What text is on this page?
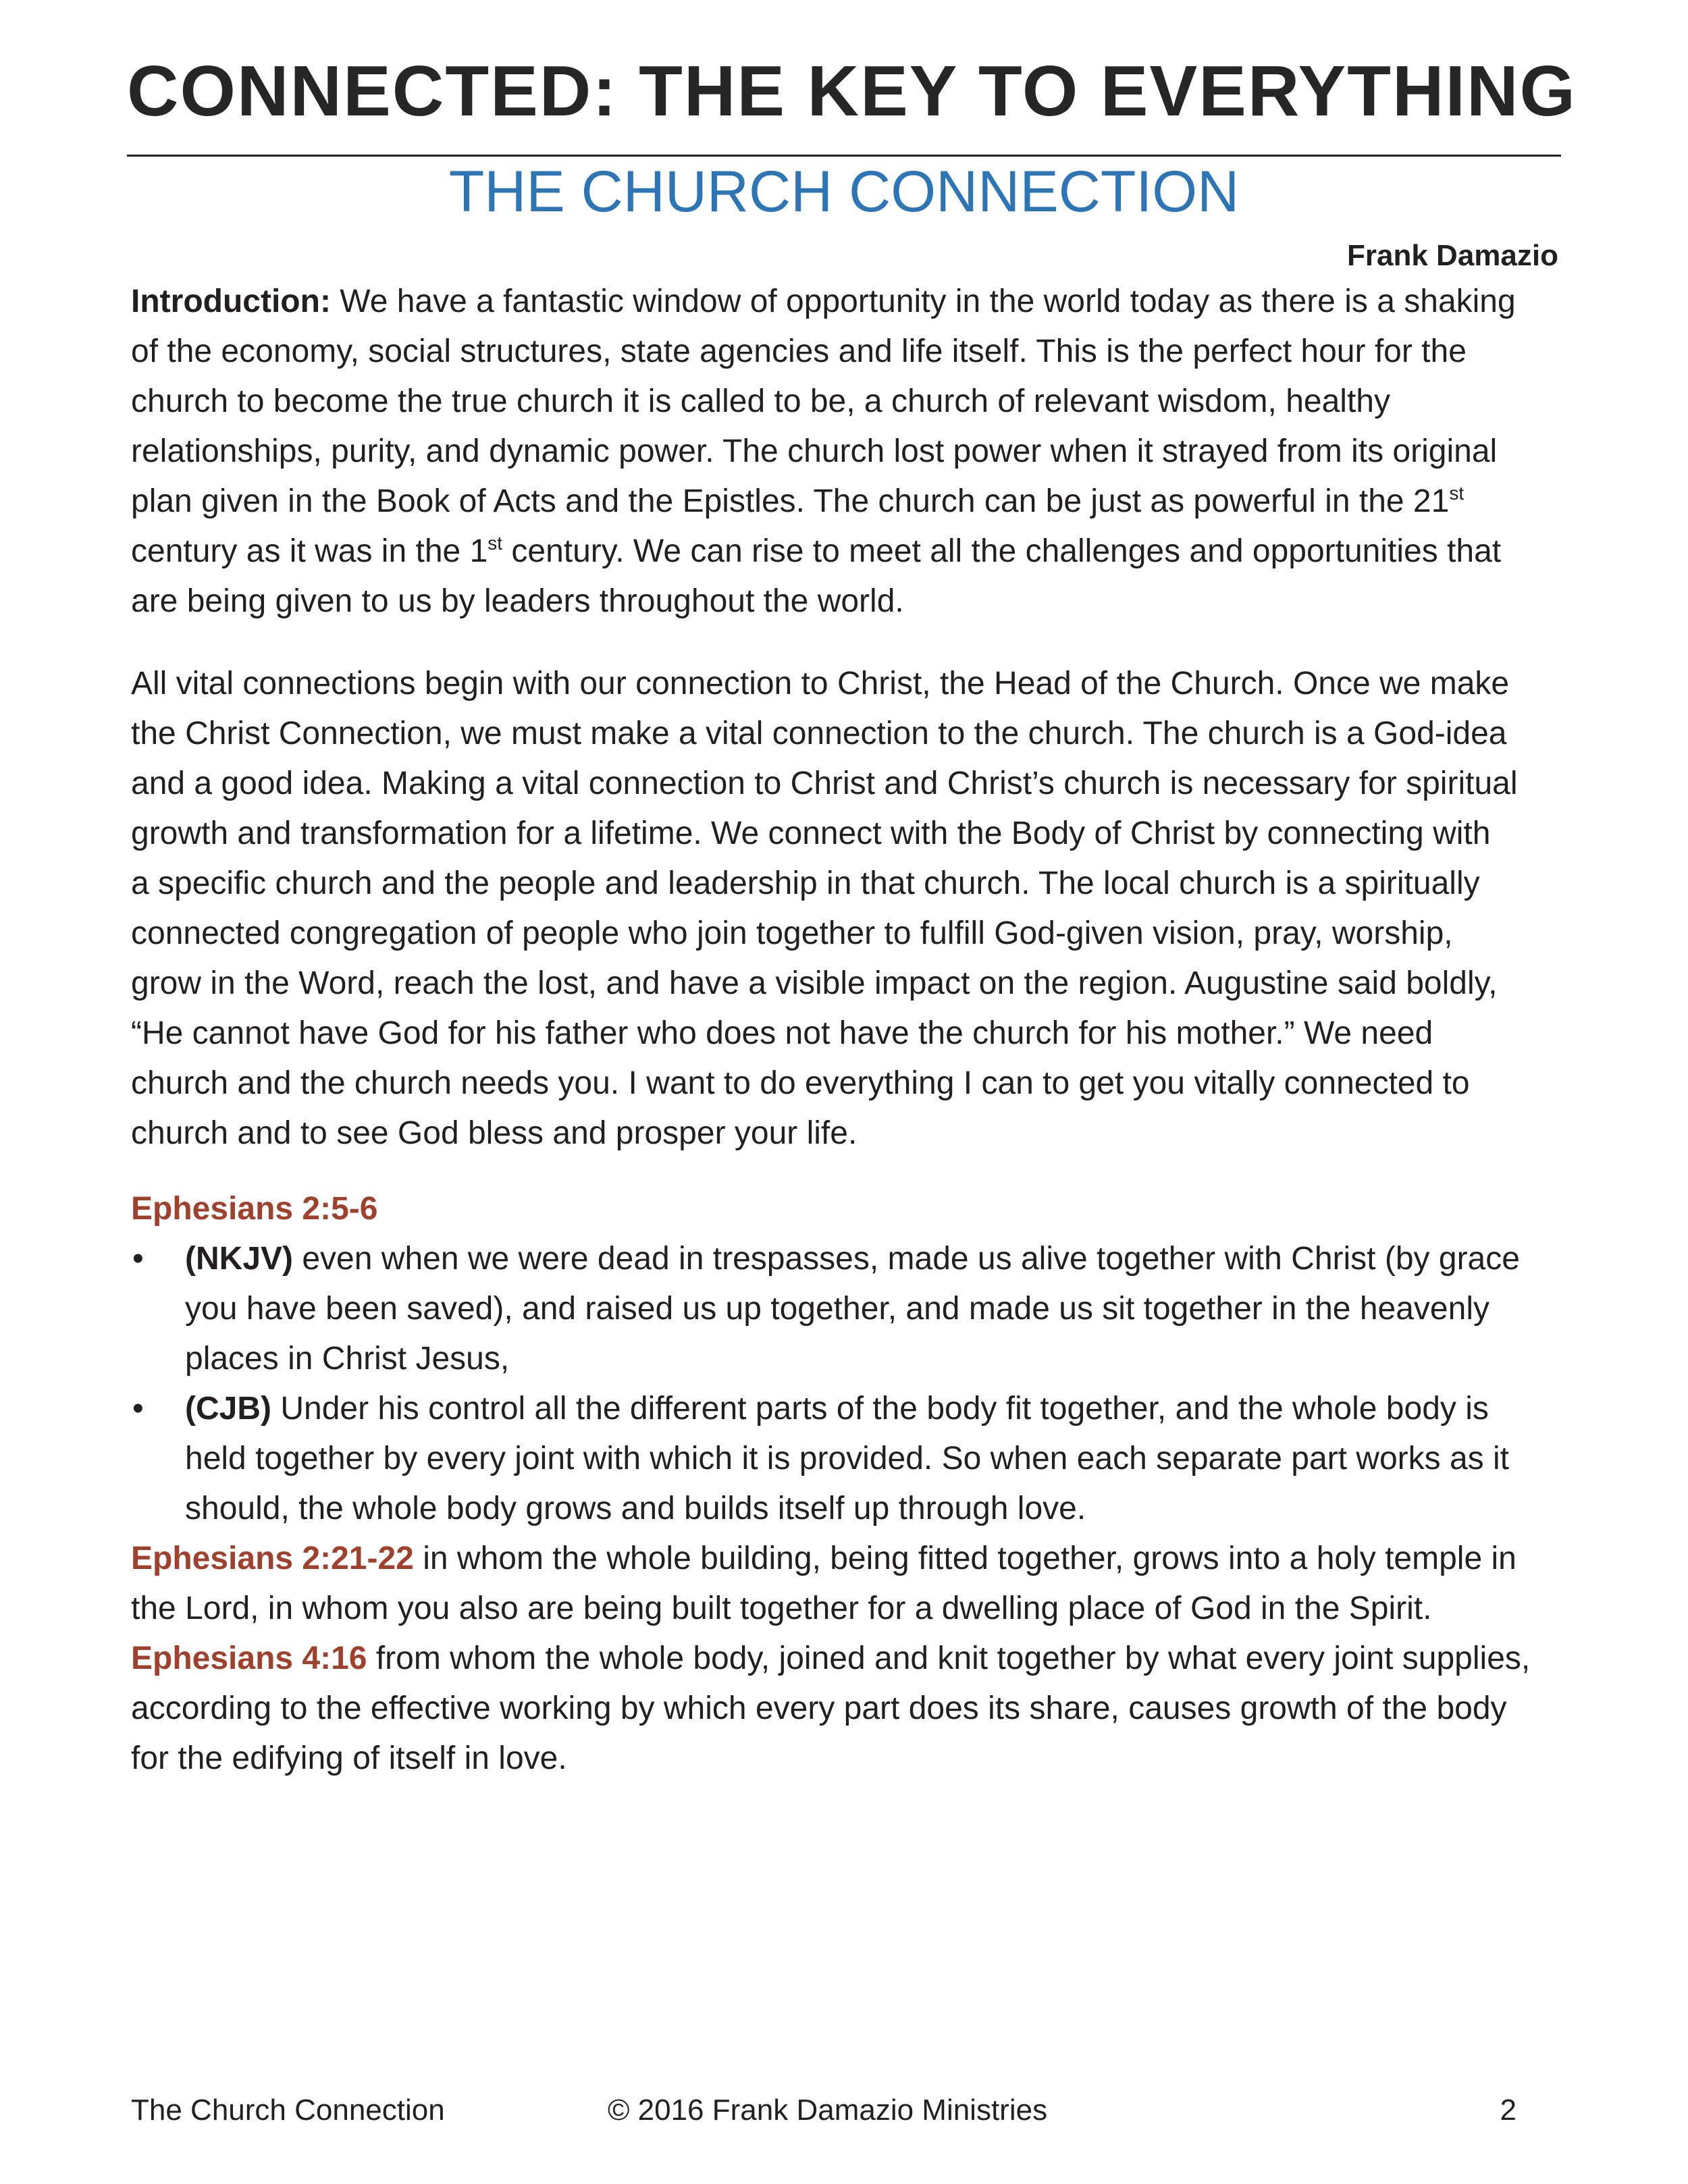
CONNECTED: THE KEY TO EVERYTHING
THE CHURCH CONNECTION
Frank Damazio

Introduction: We have a fantastic window of opportunity in the world today as there is a shaking

of the economy, social structures, state agencies and life itself. This is the perfect hour for the

church to become the true church it is called to be, a church of relevant wisdom, healthy

relationships, purity, and dynamic power. The church lost power when it strayed from its original

plan given in the Book of Acts and the Epistles. The church can be just as powerful in the 21st

century as it was in the 1st century. We can rise to meet all the challenges and opportunities that

are being given to us by leaders throughout the world.

All vital connections begin with our connection to Christ, the Head of the Church. Once we make

the Christ Connection, we must make a vital connection to the church. The church is a God-idea

and a good idea. Making a vital connection to Christ and Christ’s church is necessary for spiritual

growth and transformation for a lifetime. We connect with the Body of Christ by connecting with

a specific church and the people and leadership in that church. The local church is a spiritually

connected congregation of people who join together to fulfill God-given vision, pray, worship,

grow in the Word, reach the lost, and have a visible impact on the region. Augustine said boldly,

“He cannot have God for his father who does not have the church for his mother.” We need

church and the church needs you. I want to do everything I can to get you vitally connected to

church and to see God bless and prosper your life.

Ephesians 2:5-6

• (NKJV) even when we were dead in trespasses, made us alive together with Christ (by grace
you have been saved), and raised us up together, and made us sit together in the heavenly
places in Christ Jesus,
• (CJB) Under his control all the different parts of the body fit together, and the whole body is
held together by every joint with which it is provided. So when each separate part works as it
should, the whole body grows and builds itself up through love.

Ephesians 2:21-22 in whom the whole building, being fitted together, grows into a holy temple in

the Lord, in whom you also are being built together for a dwelling place of God in the Spirit.

Ephesians 4:16 from whom the whole body, joined and knit together by what every joint supplies,

according to the effective working by which every part does its share, causes growth of the body

for the edifying of itself in love.

The Church Connection	© 2016 Frank Damazio Ministries	2
